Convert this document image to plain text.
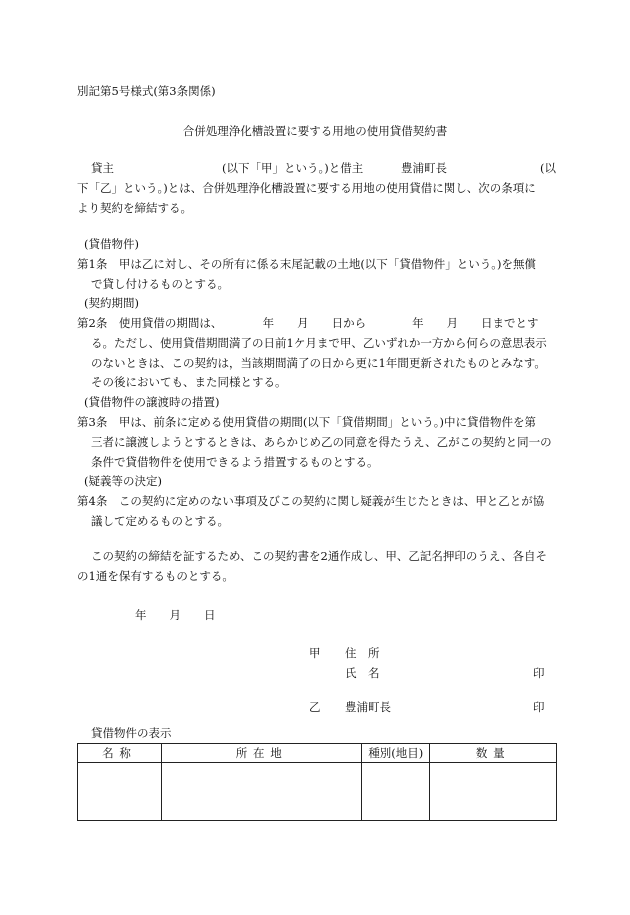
別記第5号様式(第3条関係)
合併処理浄化槽設置に要する用地の使用貸借契約書
貸主	(以下「甲」という。)と借主	豊浦町長	(以
下「乙」という。)とは、合併処理浄化槽設置に要する用地の使用貸借に関し、次の条項に
より契約を締結する。
(貸借物件)
第1条　甲は乙に対し、その所有に係る末尾記載の土地(以下「貸借物件」という。)を無償
で貸し付けるものとする。
(契約期間)
第2条　使用貸借の期間は、　　　　年　　月　　日から　　　　年　　月　　日までとす
る。ただし、使用貸借期間満了の日前1ケ月まで甲、乙いずれか一方から何らの意思表示
のないときは、この契約は，当該期間満了の日から更に1年間更新されたものとみなす。
その後においても、また同様とする。
(貸借物件の譲渡時の措置)
第3条　甲は、前条に定める使用貸借の期間(以下「貸借期間」という。)中に貸借物件を第
三者に譲渡しようとするときは、あらかじめ乙の同意を得たうえ、乙がこの契約と同一の
条件で貸借物件を使用できるよう措置するものとする。
(疑義等の決定)
第4条　この契約に定めのない事項及びこの契約に関し疑義が生じたときは、甲と乙とが協
議して定めるものとする。
この契約の締結を証するため、この契約書を2通作成し、甲、乙記名押印のうえ、各自そ
の1通を保有するものとする。
年　　月　　日
甲 住　所
氏　名	印
乙 豊浦町長	印
貸借物件の表示
名称	所在地	種別(地目)	数量
